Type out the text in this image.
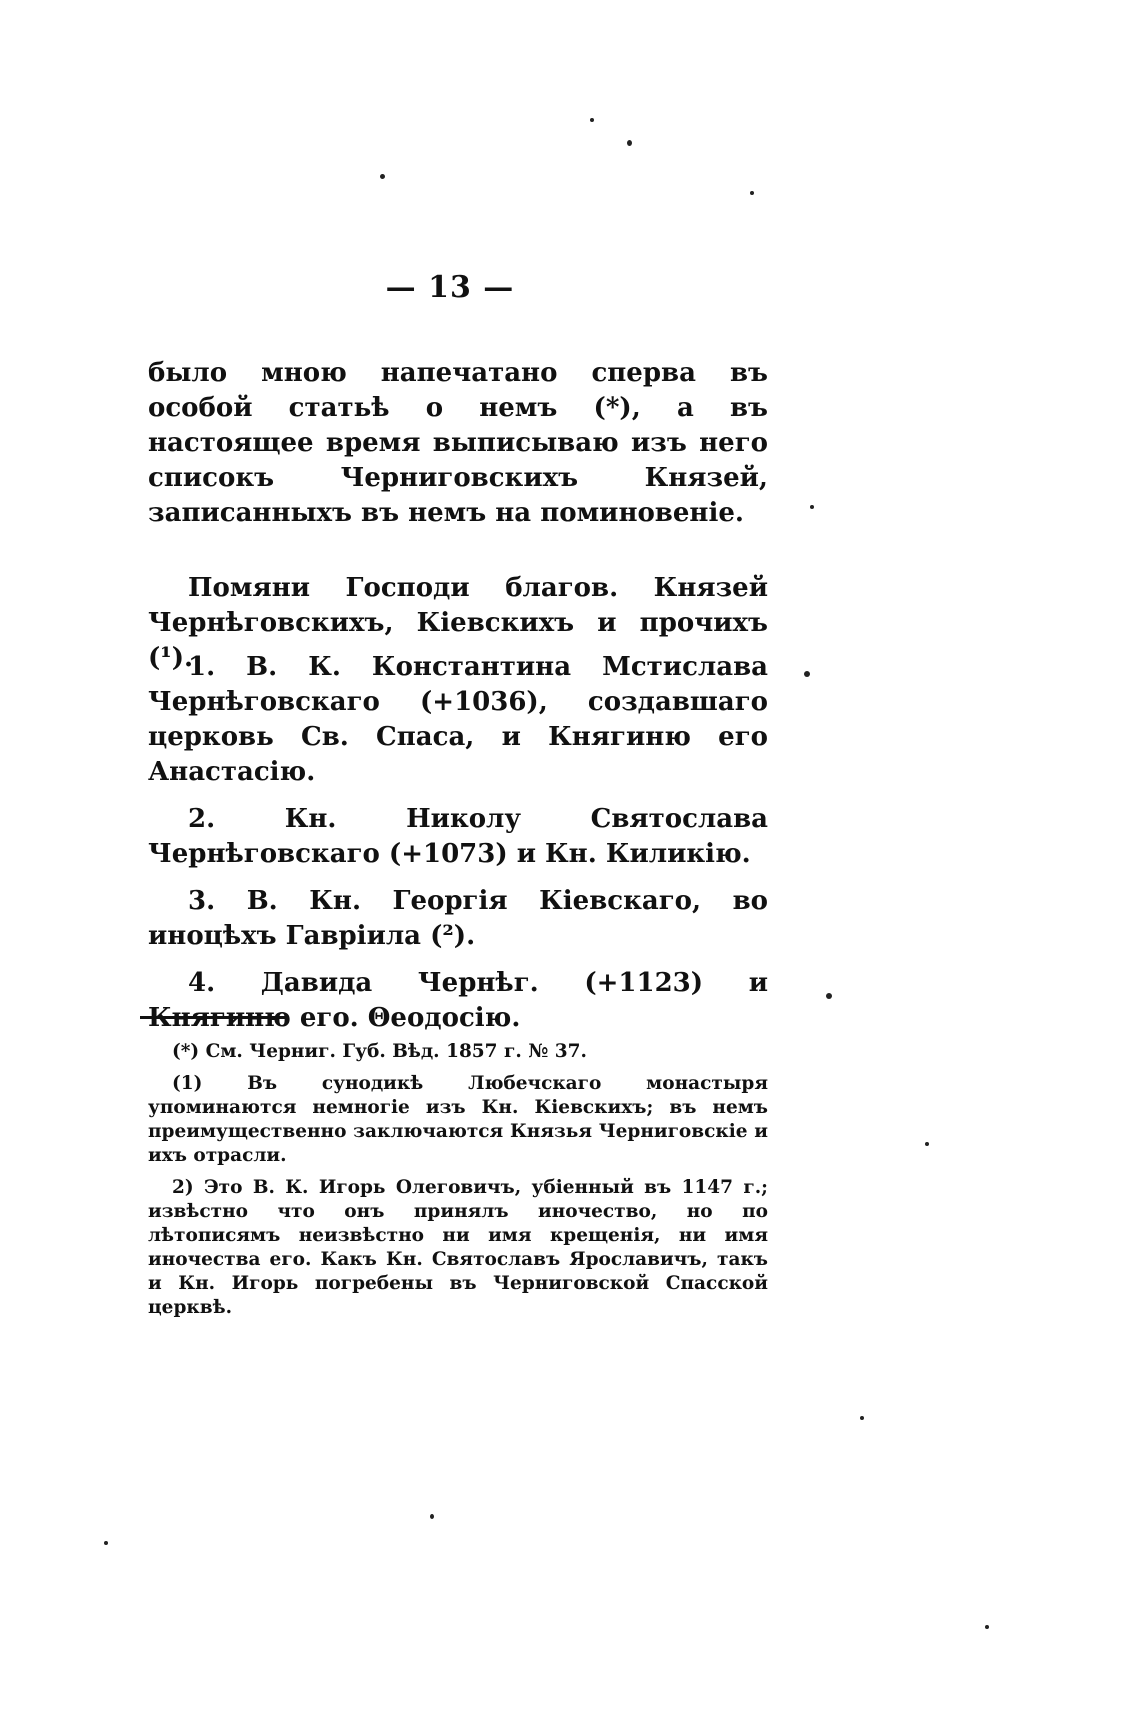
— 13 —

было мною напечатано сперва въ особой статьѣ о немъ (*), а въ настоящее время выписываю изъ него списокъ Черниговскихъ Князей, записанныхъ въ немъ на поминовеніе.

Помяни Господи благов. Князей Чернѣговскихъ, Кіевскихъ и прочихъ (¹).

1. В. К. Константина Мстислава Чернѣговскаго (+1036), создавшаго церковь Св. Спаса, и Княгиню его Анастасію.
2. Кн. Николу Святослава Чернѣговскаго (+1073) и Кн. Киликію.
3. В. Кн. Георгія Кіевскаго, во иноцѣхъ Гавріила (²).
4. Давида Чернѣг. (+1123) и Княгиню его. Θеодосію.

(*) См. Черниг. Губ. Вѣд. 1857 г. № 37.

(1) Въ сунодикѣ Любечскаго монастыря упоминаются немногіе изъ Кн. Кіевскихъ; въ немъ преимущественно заключаются Князья Черниговскіе и ихъ отрасли.

2) Это В. К. Игорь Олеговичъ, убіенный въ 1147 г.; извѣстно что онъ принялъ иночество, но по лѣтописямъ неизвѣстно ни имя крещенія, ни имя иночества его. Какъ Кн. Святославъ Ярославичъ, такъ и Кн. Игорь погребены въ Черниговской Спасской церквѣ.
